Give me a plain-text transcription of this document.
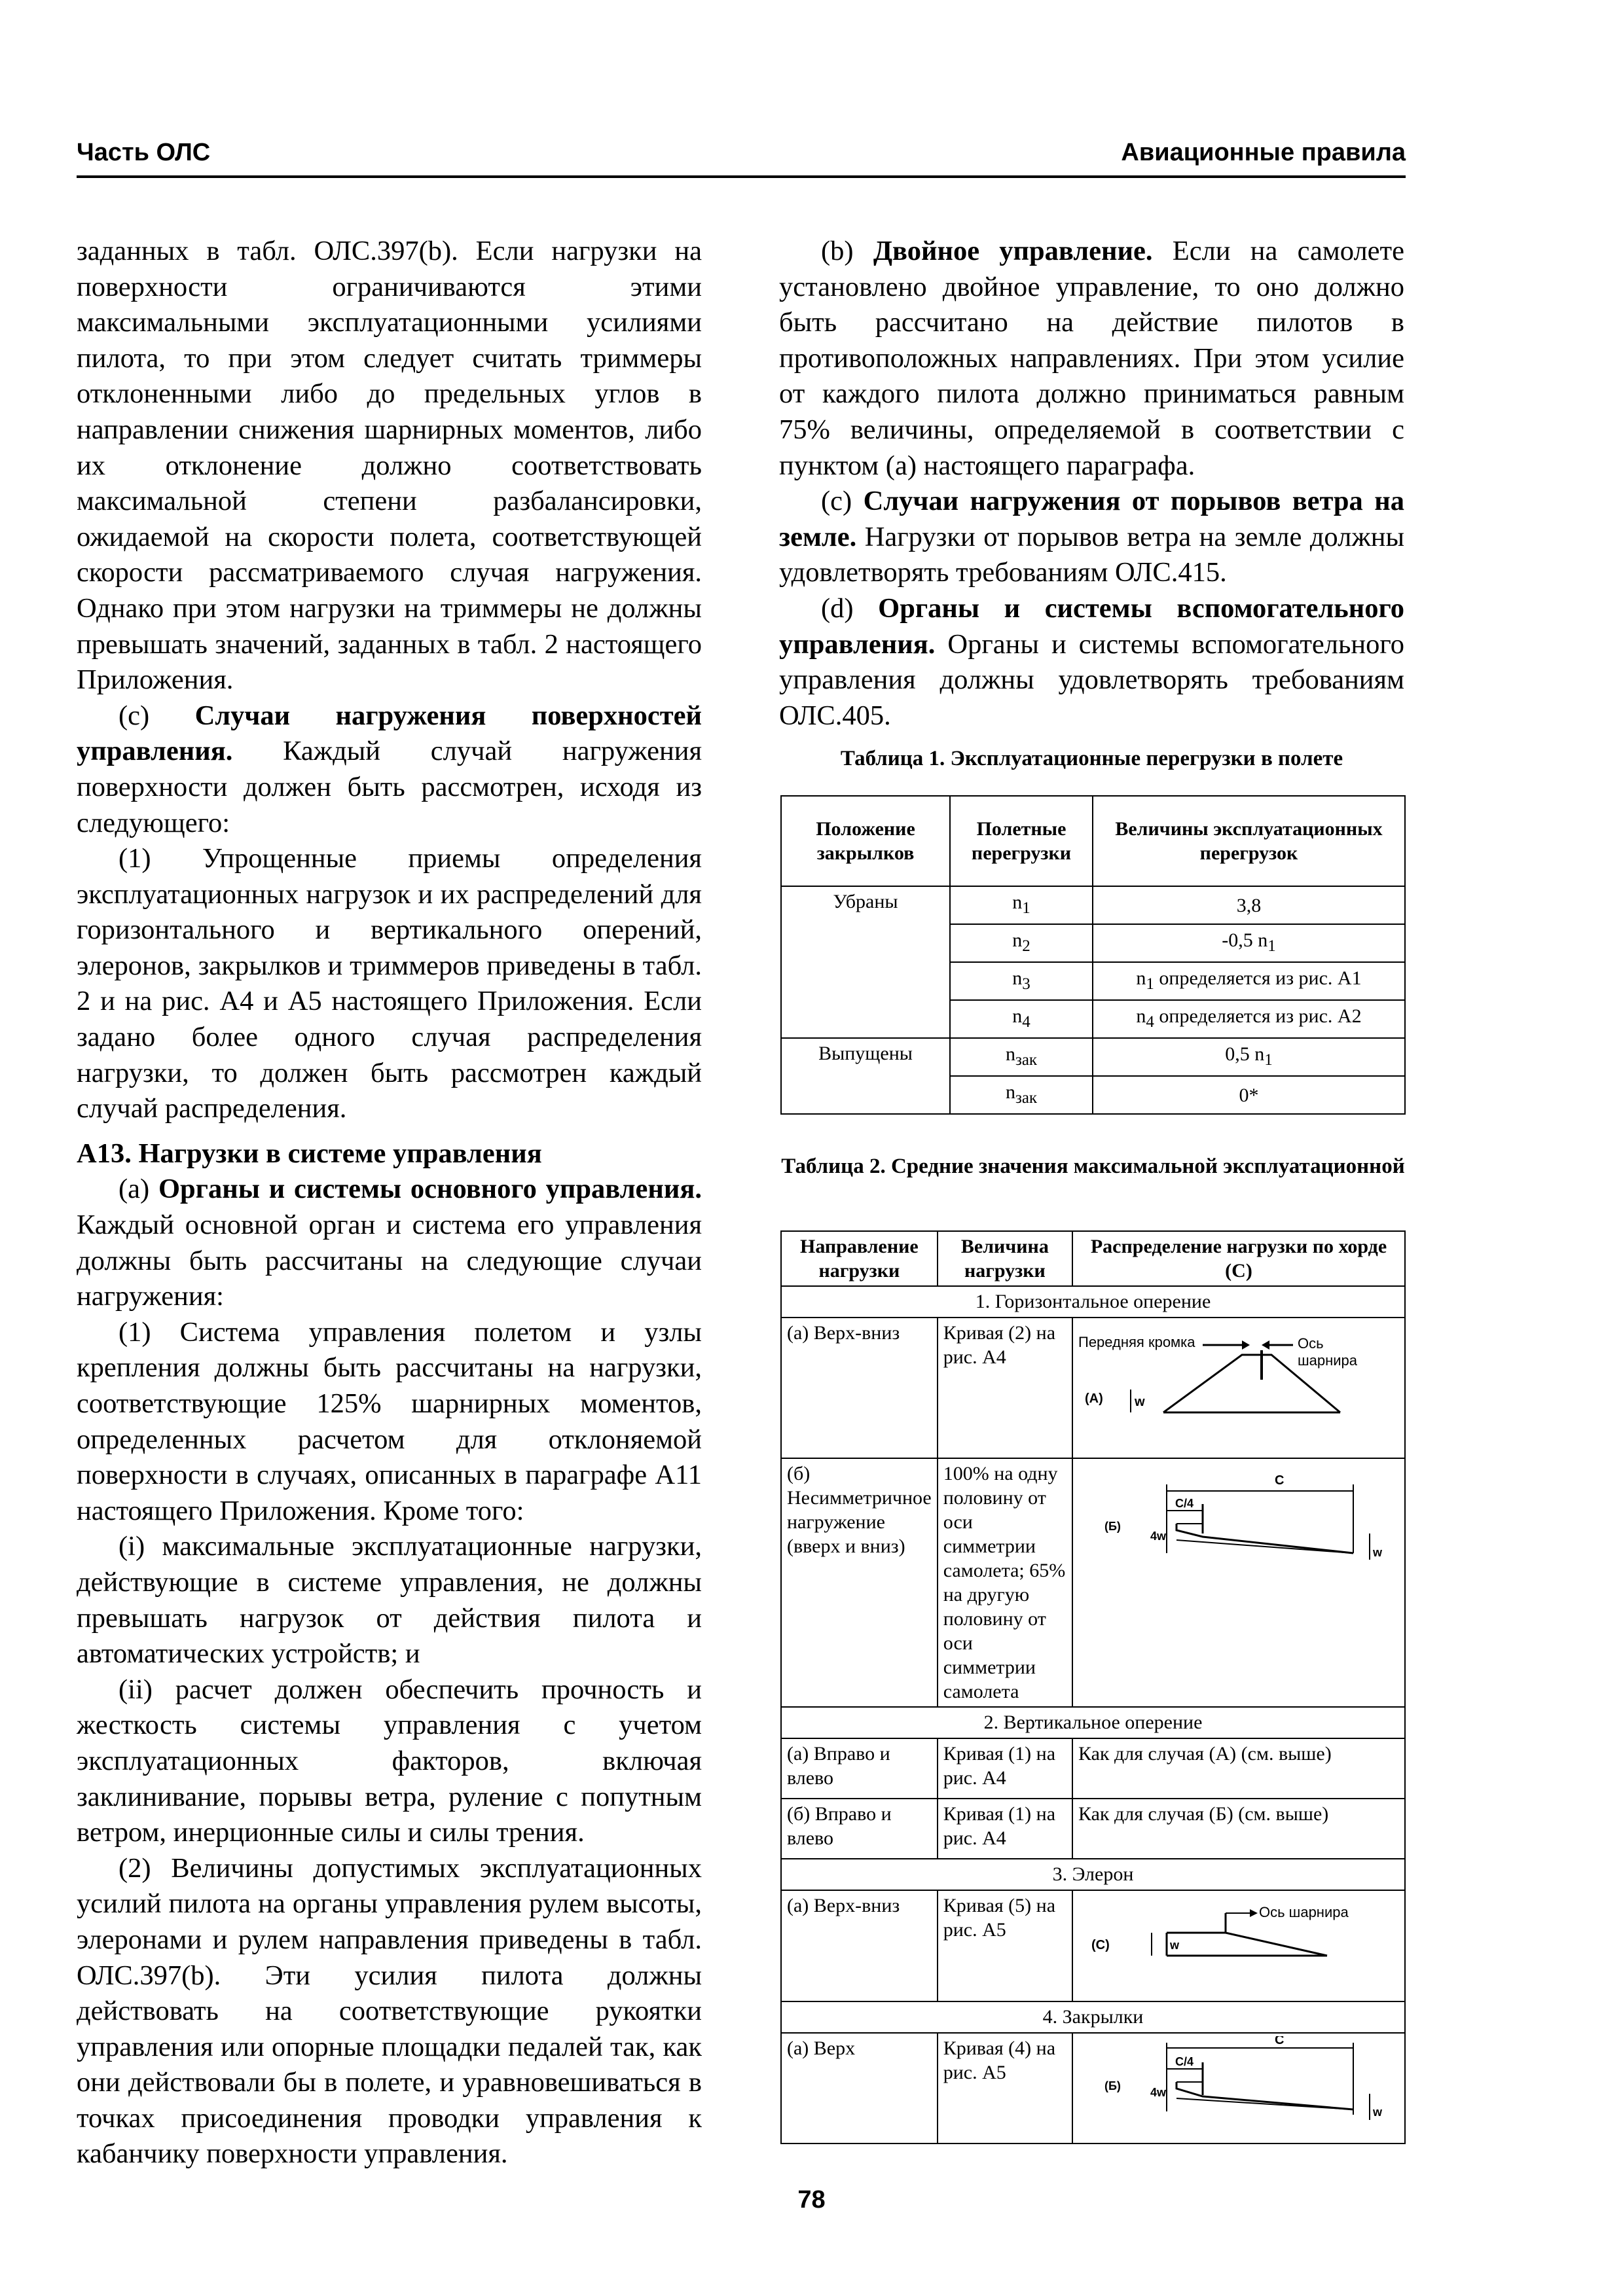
Часть ОЛС	Авиационные правила

заданных в табл. ОЛС.397(b). Если нагрузки на поверхности ограничиваются этими максимальными эксплуатационными усилиями пилота, то при этом следует считать триммеры отклоненными либо до предельных углов в направлении снижения шарнирных моментов, либо их отклонение должно соответствовать максимальной степени разбалансировки, ожидаемой на скорости полета, соответствующей скорости рассматриваемого случая нагружения. Однако при этом нагрузки на триммеры не должны превышать значений, заданных в табл. 2 настоящего Приложения.

(c) Случаи нагружения поверхностей управления. Каждый случай нагружения поверхности должен быть рассмотрен, исходя из следующего:

(1) Упрощенные приемы определения эксплуатационных нагрузок и их распределений для горизонтального и вертикального оперений, элеронов, закрылков и триммеров приведены в табл. 2 и на рис. А4 и А5 настоящего Приложения. Если задано более одного случая распределения нагрузки, то должен быть рассмотрен каждый случай распределения.

А13. Нагрузки в системе управления

(a) Органы и системы основного управления. Каждый основной орган и система его управления должны быть рассчитаны на следующие случаи нагружения:

(1) Система управления полетом и узлы крепления должны быть рассчитаны на нагрузки, соответствующие 125% шарнирных моментов, определенных расчетом для отклоняемой поверхности в случаях, описанных в параграфе А11 настоящего Приложения. Кроме того:

(i) максимальные эксплуатационные нагрузки, действующие в системе управления, не должны превышать нагрузок от действия пилота и автоматических устройств; и

(ii) расчет должен обеспечить прочность и жесткость системы управления с учетом эксплуатационных факторов, включая заклинивание, порывы ветра, руление с попутным ветром, инерционные силы и силы трения.

(2) Величины допустимых эксплуатационных усилий пилота на органы управления рулем высоты, элеронами и рулем направления приведены в табл. ОЛС.397(b). Эти усилия пилота должны действовать на соответствующие рукоятки управления или опорные площадки педалей так, как они действовали бы в полете, и уравновешиваться в точках присоединения проводки управления к кабанчику поверхности управления.

(b) Двойное управление. Если на самолете установлено двойное управление, то оно должно быть рассчитано на действие пилотов в противоположных направлениях. При этом усилие от каждого пилота должно приниматься равным 75% величины, определяемой в соответствии с пунктом (a) настоящего параграфа.

(c) Случаи нагружения от порывов ветра на земле. Нагрузки от порывов ветра на земле должны удовлетворять требованиям ОЛС.415.

(d) Органы и системы вспомогательного управления. Органы и системы вспомогательного управления должны удовлетворять требованиям ОЛС.405.

Таблица 1. Эксплуатационные перегрузки в полете
Положение закрылков	Полетные перегрузки	Величины эксплуатационных перегрузок
Убраны	$n_1$	3,8
	$n_2$	-0,5 $n_1$
	$n_3$	$n_1$ определяется из рис. А1
	$n_4$	$n_4$ определяется из рис. А2
Выпущены	$n_{зак}$	0,5 $n_1$
	$n_{зак}$	0*
Таблица 2. Средние значения максимальной эксплуатационной
Направление нагрузки	Величина нагрузки	Распределение нагрузки по хорде (С)
1. Горизонтальное оперение		
(а) Верх-вниз	Кривая (2) на рис. А4	Передняя кромка Ось
шарнира
(A) w

(б) Несимметричное нагружение (вверх и вниз)	100% на одну половину от оси симметрии самолета; 65% на другую половину от оси симметрии самолета	C
C/4
4w
w
(Б)

2. Вертикальное оперение		
(а) Вправо и влево	Кривая (1) на рис. А4	Как для случая (А) (см. выше)
(б) Вправо и влево	Кривая (1) на рис. А4	Как для случая (Б) (см. выше)
3. Элерон		
(а) Верх-вниз	Кривая (5) на рис. А5	Ось шарнира
w
(C)

4. Закрылки		
(а) Верх	Кривая (4) на рис. А5	C
C/4
4w
w
(Б)
78
